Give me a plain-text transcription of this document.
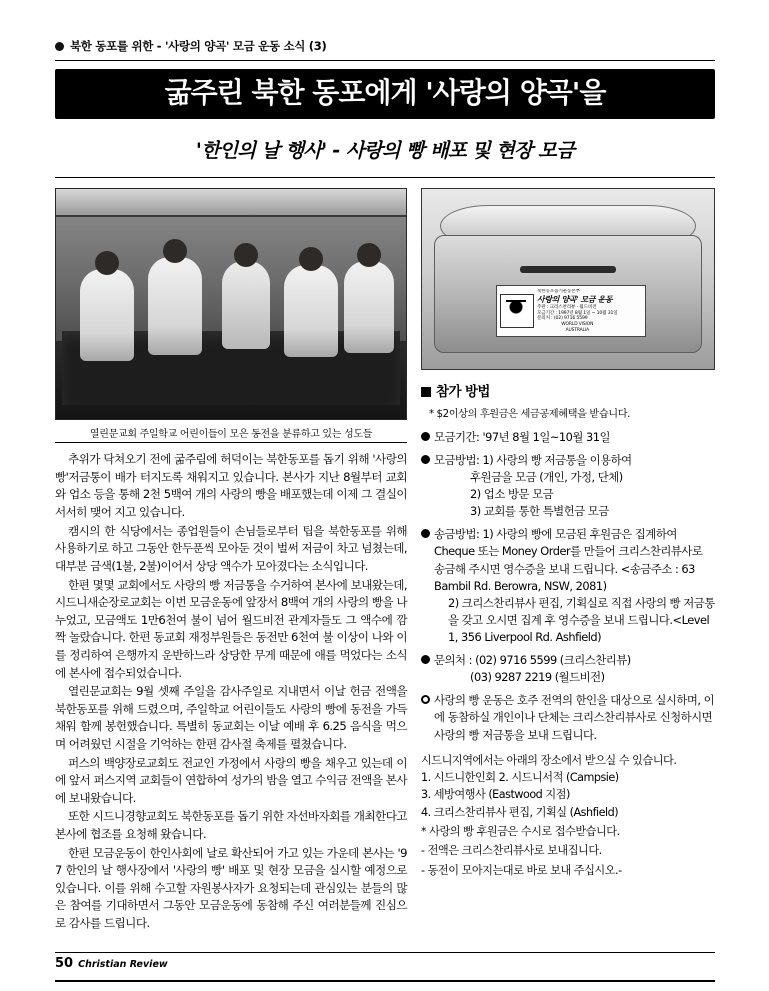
북한 동포를 위한 - '사랑의 양곡' 모금 운동 소식 (3)
굶주린 북한 동포에게 '사랑의 양곡'을
'한인의 날 행사' - 사랑의 빵 배포 및 현장 모금
열린문교회 주일학교 어린이들이 모은 동전을 분류하고 있는 성도들

추위가 닥쳐오기 전에 굶주림에 허덕이는 북한동포를 돕기 위해 '사랑의 빵'저금통이 배가 터지도록 채워지고 있습니다. 본사가 지난 8월부터 교회와 업소 등을 통해 2천 5백여 개의 사랑의 빵을 배포했는데 이제 그 결실이 서서히 맺어 지고 있습니다.

캠시의 한 식당에서는 종업원들이 손님들로부터 팁을 북한동포를 위해 사용하기로 하고 그동안 한두푼씩 모아둔 것이 벌써 저금이 차고 넘쳤는데, 대부분 금색(1불, 2불)이어서 상당 액수가 모아졌다는 소식입니다.

한편 몇몇 교회에서도 사랑의 빵 저금통을 수거하여 본사에 보내왔는데, 시드니새순장로교회는 이번 모금운동에 앞장서 8백여 개의 사랑의 빵을 나누었고, 모금액도 1만6천여 불이 넘어 월드비전 관계자들도 그 액수에 깜짝 놀랐습니다. 한편 동교회 재정부원들은 동전만 6천여 불 이상이 나와 이를 정리하여 은행까지 운반하느라 상당한 무게 때문에 애를 먹었다는 소식에 본사에 접수되었습니다.

열린문교회는 9월 셋째 주일을 감사주일로 지내면서 이날 헌금 전액을 북한동포를 위해 드렸으며, 주일학교 어린이들도 사랑의 빵에 동전을 가득 채워 함께 봉헌했습니다. 특별히 동교회는 이날 예배 후 6.25 음식을 먹으며 어려웠던 시절을 기억하는 한편 감사절 축제를 펼쳤습니다.

퍼스의 백양장로교회도 전교인 가정에서 사랑의 빵을 채우고 있는데 이에 앞서 퍼스지역 교회들이 연합하여 성가의 밤을 열고 수익금 전액을 본사에 보내왔습니다.

또한 시드니경향교회도 북한동포를 돕기 위한 자선바자회를 개최한다고 본사에 협조를 요청해 왔습니다.

한편 모금운동이 한인사회에 날로 확산되어 가고 있는 가운데 본사는 '97 한인의 날 행사장에서 '사랑의 빵' 배포 및 현장 모금을 실시할 예정으로 있습니다. 이를 위해 수고할 자원봉사자가 요청되는데 관심있는 분들의 많은 참여를 기대하면서 그동안 모금운동에 동참해 주신 여러분들께 진심으로 감사를 드립니다.

북한동포돕기운동본부
사랑의 양곡' 모금 운동
주관 : 크리스찬리뷰 · 월드비전
모금기간 : 1997년 8월 1일 ~ 10월 31일
문의처 : (02) 9716 5599
WORLD VISION
AUSTRALIA
참가 방법
* $2이상의 후원금은 세금공제혜택을 받습니다.
모금기간: '97년 8월 1일~10월 31일
모금방법: 1) 사랑의 빵 저금통을 이용하여
후원금을 모금 (개인, 가정, 단체)
2) 업소 방문 모금
3) 교회를 통한 특별헌금 모금
송금방법: 1) 사랑의 빵에 모금된 후원금은 집계하여 Cheque 또는 Money Order를 만들어 크리스찬리뷰사로 송금해 주시면 영수증을 보내 드립니다. <송금주소 : 63 Bambil Rd. Berowra, NSW, 2081)
2) 크리스찬리뷰사 편집, 기획실로 직접 사랑의 빵 저금통을 갖고 오시면 집계 후 영수증을 보내 드립니다.<Level 1, 356 Liverpool Rd. Ashfield)
문의처 : (02) 9716 5599 (크리스찬리뷰)
(03) 9287 2219 (월드비전)
사랑의 빵 운동은 호주 전역의 한인을 대상으로 실시하며, 이에 동참하실 개인이나 단체는 크리스찬리뷰사로 신청하시면 사랑의 빵 저금통을 보내 드립니다.
시드니지역에서는 아래의 장소에서 받으실 수 있습니다.
1. 시드니한인회 2. 시드니서적 (Campsie)
3. 세방여행사 (Eastwood 지점)
4. 크리스찬리뷰사 편집, 기획실 (Ashfield)
* 사랑의 빵 후원금은 수시로 접수받습니다.
- 전액은 크리스찬리뷰사로 보내집니다.
- 동전이 모아지는대로 바로 보내 주십시오.-
50 Christian Review
